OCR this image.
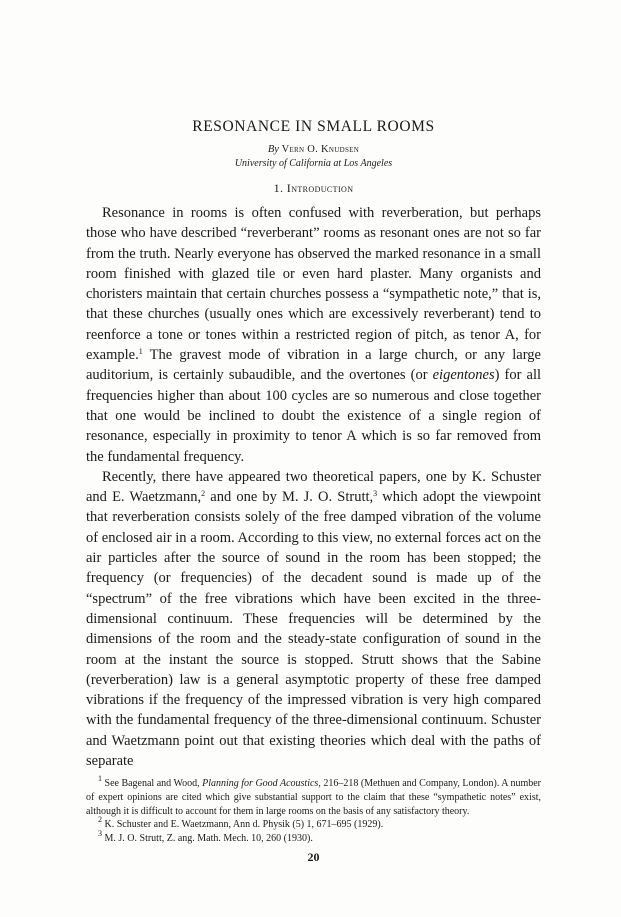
RESONANCE IN SMALL ROOMS
By Vern O. Knudsen
University of California at Los Angeles
1. Introduction

Resonance in rooms is often confused with reverberation, but perhaps those who have described “reverberant” rooms as resonant ones are not so far from the truth. Nearly everyone has observed the marked resonance in a small room finished with glazed tile or even hard plaster. Many organists and choristers maintain that certain churches possess a “sympathetic note,” that is, that these churches (usually ones which are excessively reverberant) tend to reenforce a tone or tones within a restricted region of pitch, as tenor A, for example.$^1$ The gravest mode of vibration in a large church, or any large auditorium, is certainly subaudible, and the overtones (or eigentones) for all frequencies higher than about 100 cycles are so numerous and close together that one would be inclined to doubt the existence of a single region of resonance, especially in proximity to tenor A which is so far removed from the fundamental frequency.

Recently, there have appeared two theoretical papers, one by K. Schuster and E. Waetzmann,$^2$ and one by M. J. O. Strutt,$^3$ which adopt the viewpoint that reverberation consists solely of the free damped vibration of the volume of enclosed air in a room. According to this view, no external forces act on the air particles after the source of sound in the room has been stopped; the frequency (or frequencies) of the decadent sound is made up of the “spectrum” of the free vibrations which have been excited in the three-dimensional continuum. These frequencies will be determined by the dimensions of the room and the steady-state configuration of sound in the room at the instant the source is stopped. Strutt shows that the Sabine (reverberation) law is a general asymptotic property of these free damped vibrations if the frequency of the impressed vibration is very high compared with the fundamental frequency of the three-dimensional continuum. Schuster and Waetzmann point out that existing theories which deal with the paths of separate

$^1$ See Bagenal and Wood, Planning for Good Acoustics, 216–218 (Methuen and Company, London). A number of expert opinions are cited which give substantial support to the claim that these “sympathetic notes” exist, although it is difficult to account for them in large rooms on the basis of any satisfactory theory.

$^2$ K. Schuster and E. Waetzmann, Ann d. Physik (5) 1, 671–695 (1929).

$^3$ M. J. O. Strutt, Z. ang. Math. Mech. 10, 260 (1930).

20
